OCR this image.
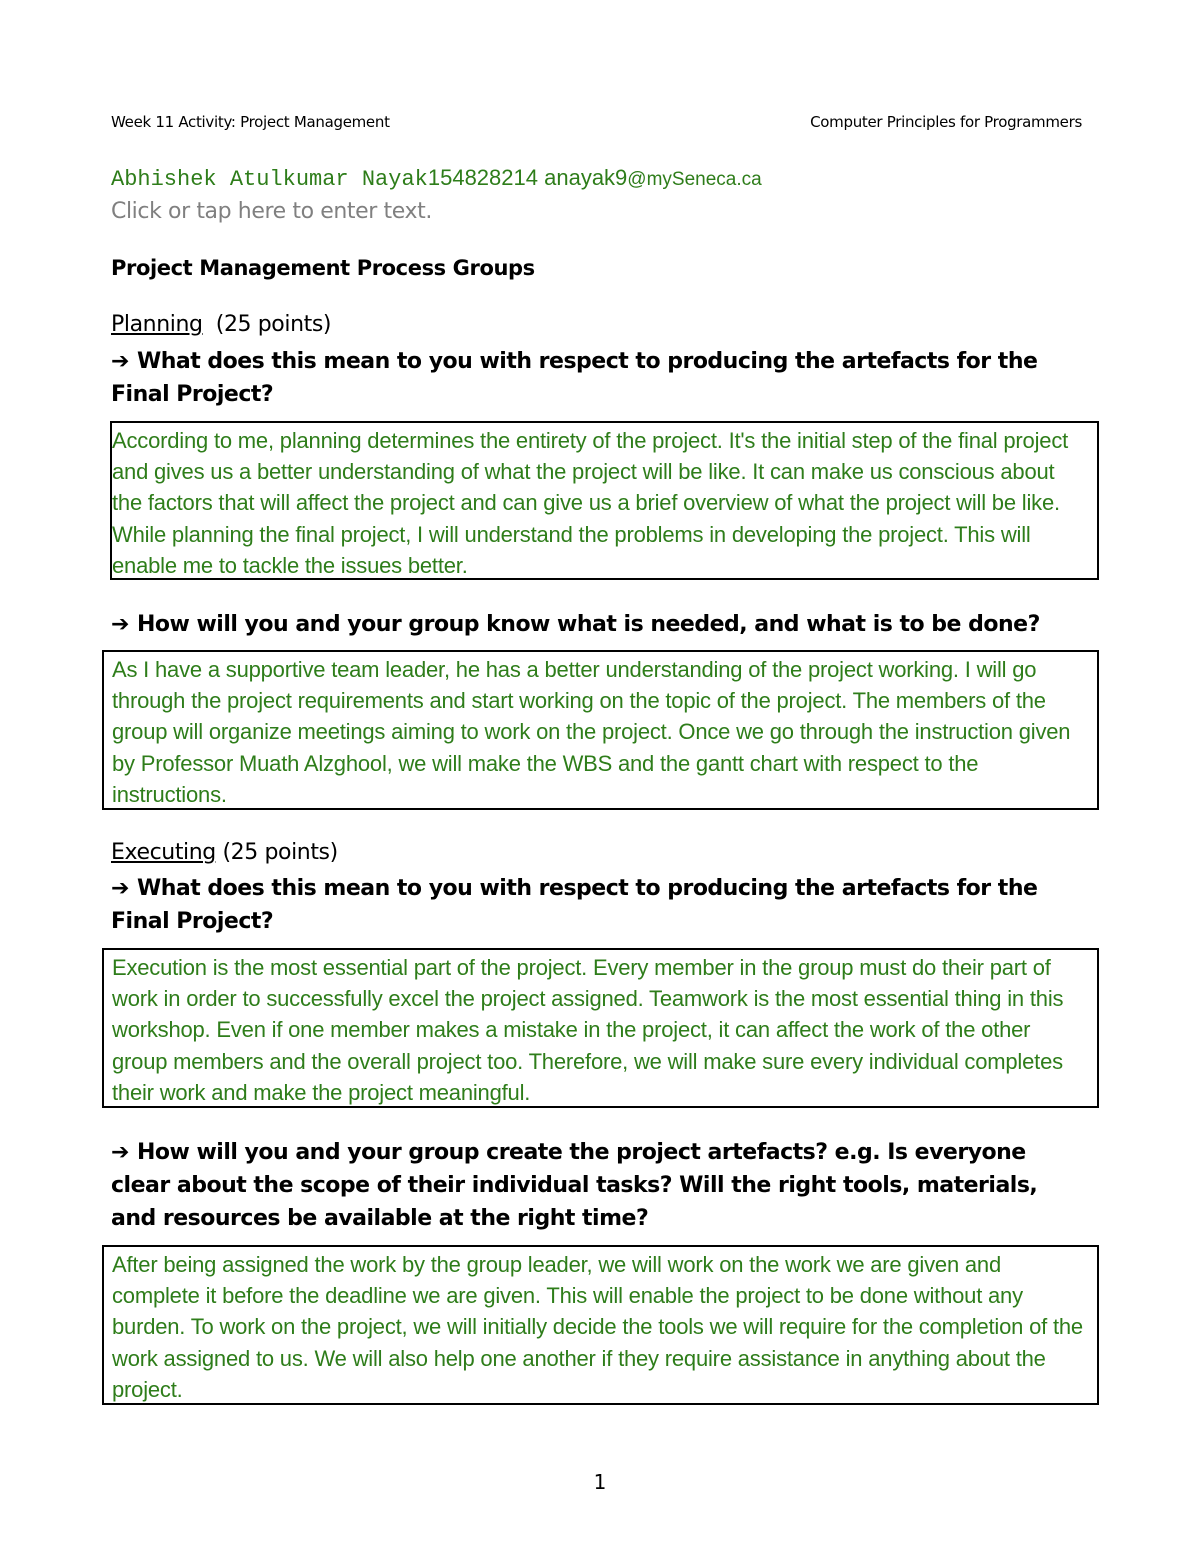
Week 11 Activity: Project Management	Computer Principles for Programmers
Abhishek Atulkumar Nayak154828214 anayak9@mySeneca.ca
Click or tap here to enter text.
Project Management Process Groups
Planning (25 points)
➔ What does this mean to you with respect to producing the artefacts for the Final Project?
According to me, planning determines the entirety of the project. It's the initial step of the final project and gives us a better understanding of what the project will be like. It can make us conscious about the factors that will affect the project and can give us a brief overview of what the project will be like. While planning the final project, I will understand the problems in developing the project. This will enable me to tackle the issues better.
➔ How will you and your group know what is needed, and what is to be done?
As I have a supportive team leader, he has a better understanding of the project working. I will go through the project requirements and start working on the topic of the project. The members of the group will organize meetings aiming to work on the project. Once we go through the instruction given by Professor Muath Alzghool, we will make the WBS and the gantt chart with respect to the instructions.
Executing (25 points)
➔ What does this mean to you with respect to producing the artefacts for the Final Project?
Execution is the most essential part of the project. Every member in the group must do their part of work in order to successfully excel the project assigned. Teamwork is the most essential thing in this workshop. Even if one member makes a mistake in the project, it can affect the work of the other group members and the overall project too. Therefore, we will make sure every individual completes their work and make the project meaningful.
➔ How will you and your group create the project artefacts? e.g. Is everyone clear about the scope of their individual tasks? Will the right tools, materials, and resources be available at the right time?
After being assigned the work by the group leader, we will work on the work we are given and complete it before the deadline we are given. This will enable the project to be done without any burden. To work on the project, we will initially decide the tools we will require for the completion of the work assigned to us. We will also help one another if they require assistance in anything about the project.
1
